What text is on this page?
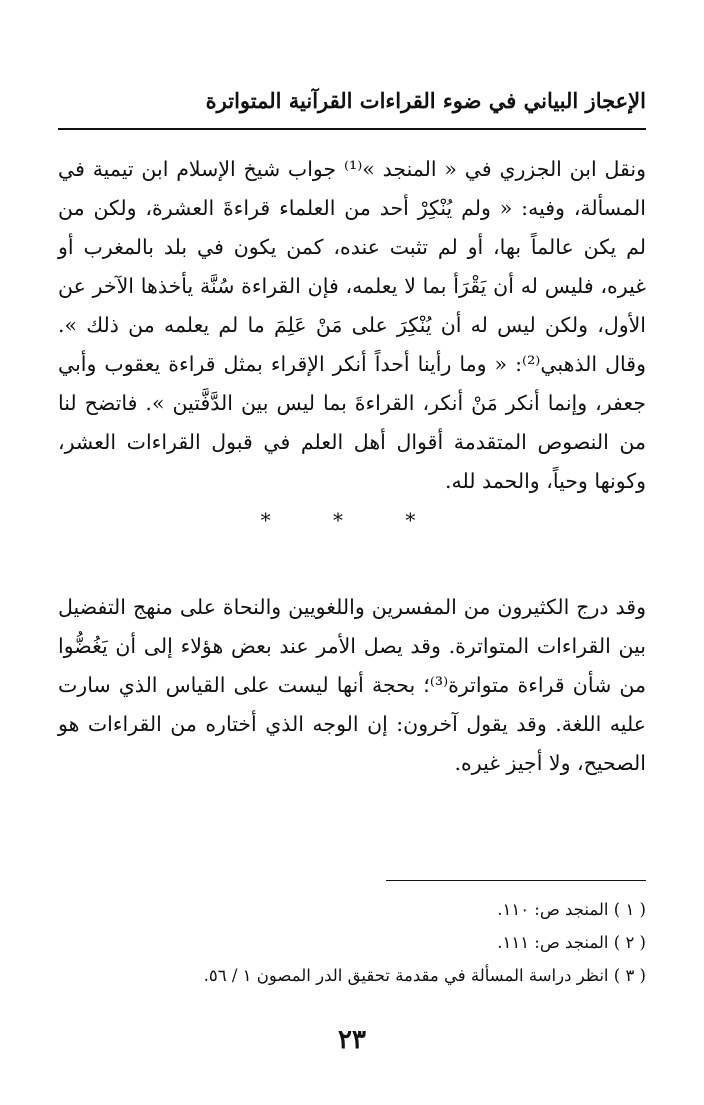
الإعجاز البياني في ضوء القراءات القرآنية المتواترة

ونقل ابن الجزري في « المنجد »⁽¹⁾ جواب شيخ الإسلام ابن تيمية في المسألة، وفيه: « ولم يُنْكِرْ أحد من العلماء قراءةَ العشرة، ولكن من لم يكن عالماً بها، أو لم تثبت عنده، كمن يكون في بلد بالمغرب أو غيره، فليس له أن يَقْرَأ بما لا يعلمه، فإن القراءة سُنَّة يأخذها الآخر عن الأول، ولكن ليس له أن يُنْكِرَ على مَنْ عَلِمَ ما لم يعلمه من ذلك ». وقال الذهبي⁽²⁾: « وما رأينا أحداً أنكر الإقراء بمثل قراءة يعقوب وأبي جعفر، وإنما أنكر مَنْ أنكر، القراءةَ بما ليس بين الدَّفَّتين ». فاتضح لنا من النصوص المتقدمة أقوال أهل العلم في قبول القراءات العشر، وكونها وحياً، والحمد لله.

* * *

وقد درج الكثيرون من المفسرين واللغويين والنحاة على منهج التفضيل بين القراءات المتواترة. وقد يصل الأمر عند بعض هؤلاء إلى أن يَغُضُّوا من شأن قراءة متواترة⁽³⁾؛ بحجة أنها ليست على القياس الذي سارت عليه اللغة. وقد يقول آخرون: إن الوجه الذي أختاره من القراءات هو الصحيح، ولا أجيز غيره.

( ١ ) المنجد ص: ١١٠.
( ٢ ) المنجد ص: ١١١.
( ٣ ) انظر دراسة المسألة في مقدمة تحقيق الدر المصون ١ / ٥٦.
٢٣
